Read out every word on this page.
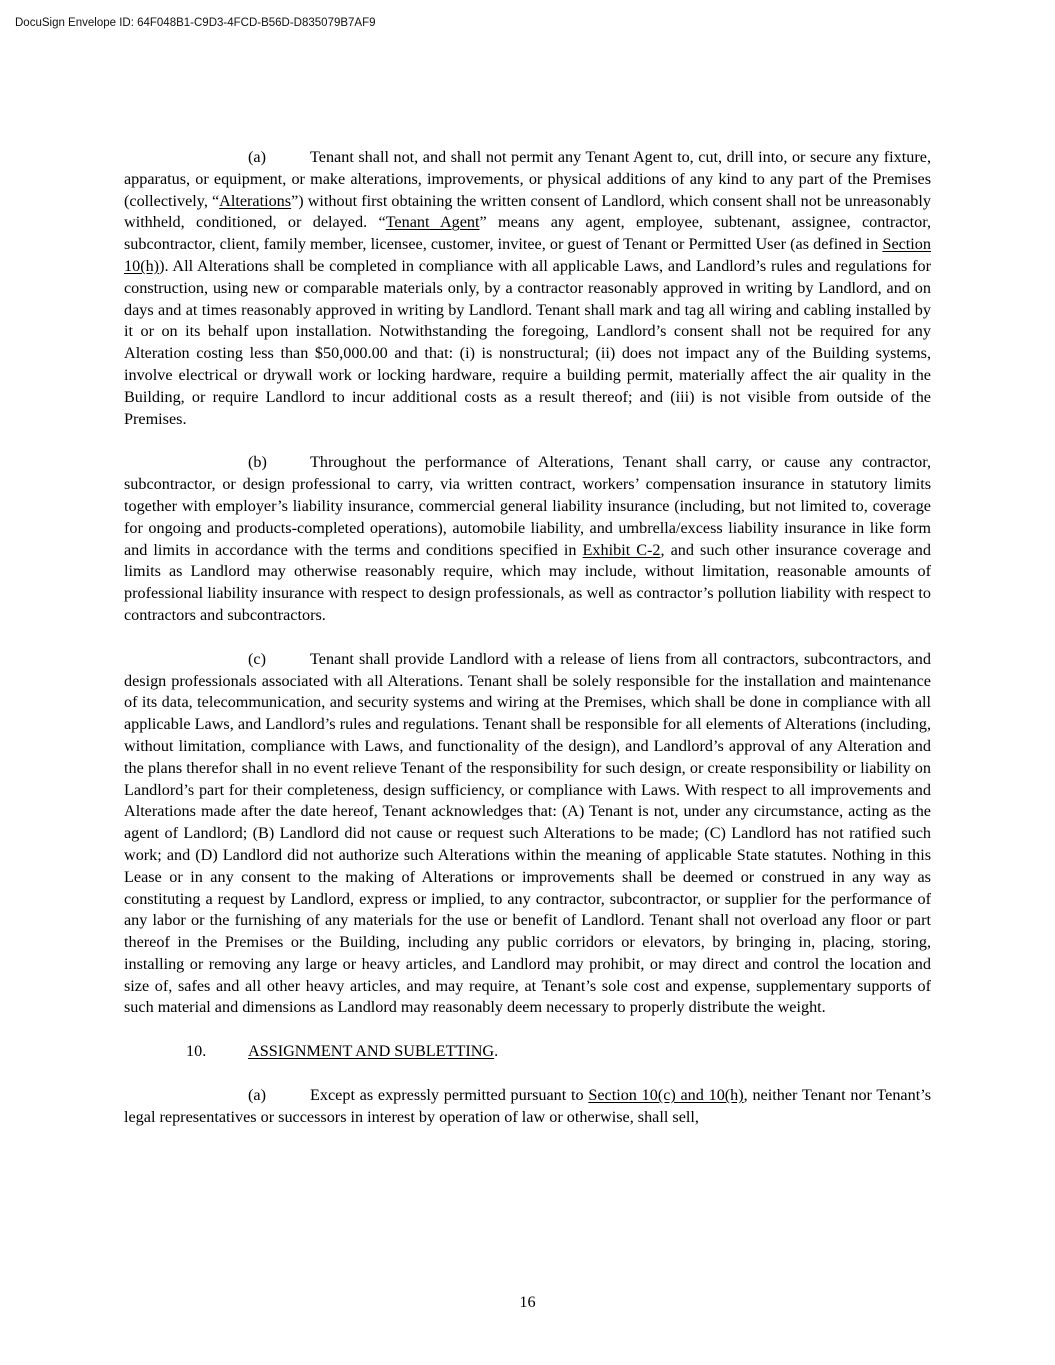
DocuSign Envelope ID: 64F048B1-C9D3-4FCD-B56D-D835079B7AF9

(a)	Tenant shall not, and shall not permit any Tenant Agent to, cut, drill into, or secure any fixture, apparatus, or equipment, or make alterations, improvements, or physical additions of any kind to any part of the Premises (collectively, “Alterations”) without first obtaining the written consent of Landlord, which consent shall not be unreasonably withheld, conditioned, or delayed. “Tenant Agent” means any agent, employee, subtenant, assignee, contractor, subcontractor, client, family member, licensee, customer, invitee, or guest of Tenant or Permitted User (as defined in Section 10(h)). All Alterations shall be completed in compliance with all applicable Laws, and Landlord’s rules and regulations for construction, using new or comparable materials only, by a contractor reasonably approved in writing by Landlord, and on days and at times reasonably approved in writing by Landlord. Tenant shall mark and tag all wiring and cabling installed by it or on its behalf upon installation. Notwithstanding the foregoing, Landlord’s consent shall not be required for any Alteration costing less than $50,000.00 and that: (i) is nonstructural; (ii) does not impact any of the Building systems, involve electrical or drywall work or locking hardware, require a building permit, materially affect the air quality in the Building, or require Landlord to incur additional costs as a result thereof; and (iii) is not visible from outside of the Premises.

(b)	Throughout the performance of Alterations, Tenant shall carry, or cause any contractor, subcontractor, or design professional to carry, via written contract, workers’ compensation insurance in statutory limits together with employer’s liability insurance, commercial general liability insurance (including, but not limited to, coverage for ongoing and products-completed operations), automobile liability, and umbrella/excess liability insurance in like form and limits in accordance with the terms and conditions specified in Exhibit C-2, and such other insurance coverage and limits as Landlord may otherwise reasonably require, which may include, without limitation, reasonable amounts of professional liability insurance with respect to design professionals, as well as contractor’s pollution liability with respect to contractors and subcontractors.

(c)	Tenant shall provide Landlord with a release of liens from all contractors, subcontractors, and design professionals associated with all Alterations. Tenant shall be solely responsible for the installation and maintenance of its data, telecommunication, and security systems and wiring at the Premises, which shall be done in compliance with all applicable Laws, and Landlord’s rules and regulations. Tenant shall be responsible for all elements of Alterations (including, without limitation, compliance with Laws, and functionality of the design), and Landlord’s approval of any Alteration and the plans therefor shall in no event relieve Tenant of the responsibility for such design, or create responsibility or liability on Landlord’s part for their completeness, design sufficiency, or compliance with Laws. With respect to all improvements and Alterations made after the date hereof, Tenant acknowledges that: (A) Tenant is not, under any circumstance, acting as the agent of Landlord; (B) Landlord did not cause or request such Alterations to be made; (C) Landlord has not ratified such work; and (D) Landlord did not authorize such Alterations within the meaning of applicable State statutes. Nothing in this Lease or in any consent to the making of Alterations or improvements shall be deemed or construed in any way as constituting a request by Landlord, express or implied, to any contractor, subcontractor, or supplier for the performance of any labor or the furnishing of any materials for the use or benefit of Landlord. Tenant shall not overload any floor or part thereof in the Premises or the Building, including any public corridors or elevators, by bringing in, placing, storing, installing or removing any large or heavy articles, and Landlord may prohibit, or may direct and control the location and size of, safes and all other heavy articles, and may require, at Tenant’s sole cost and expense, supplementary supports of such material and dimensions as Landlord may reasonably deem necessary to properly distribute the weight.

10.	ASSIGNMENT AND SUBLETTING.

(a)	Except as expressly permitted pursuant to Section 10(c) and 10(h), neither Tenant nor Tenant’s legal representatives or successors in interest by operation of law or otherwise, shall sell,

16
